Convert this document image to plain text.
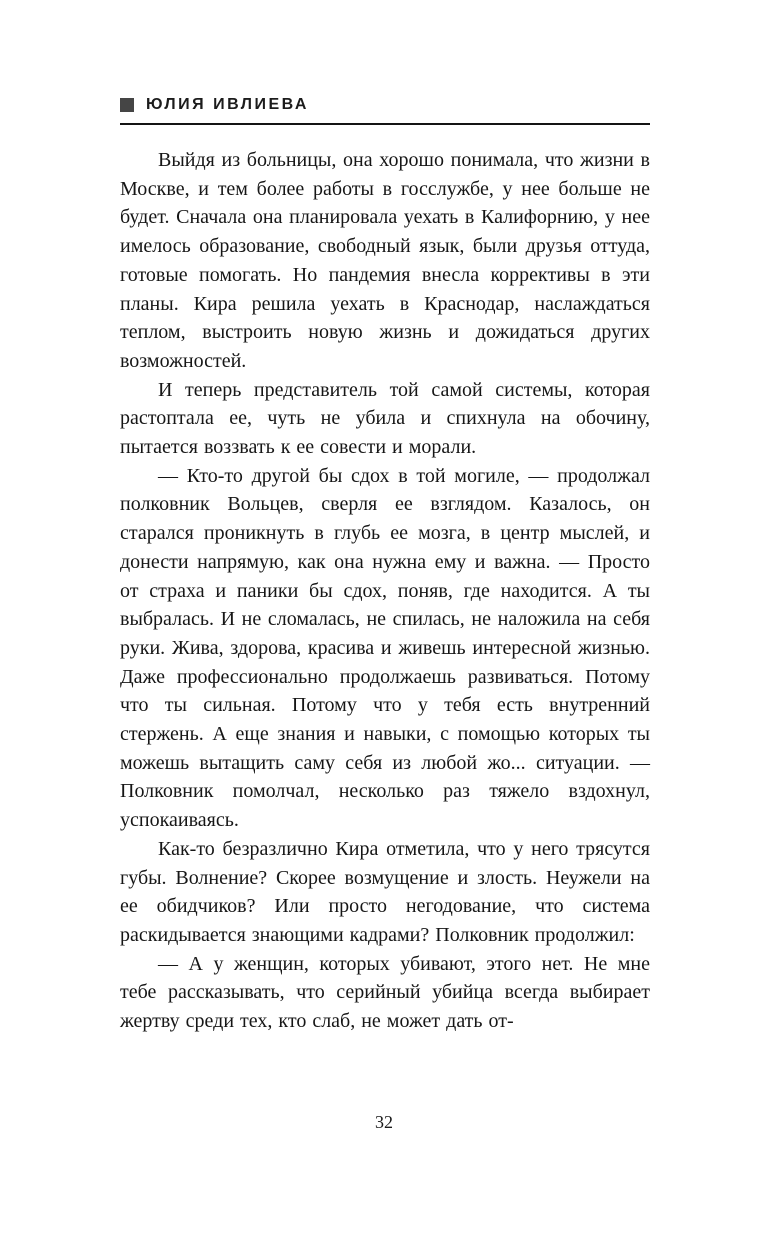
ЮЛИЯ ИВЛИЕВА

Выйдя из больницы, она хорошо понимала, что жизни в Москве, и тем более работы в госслужбе, у нее больше не будет. Сначала она планировала уехать в Калифорнию, у нее имелось образование, свободный язык, были друзья оттуда, готовые помогать. Но пандемия внесла коррективы в эти планы. Кира решила уехать в Краснодар, наслаждаться теплом, выстроить новую жизнь и дожидаться других возможностей.

И теперь представитель той самой системы, которая растоптала ее, чуть не убила и спихнула на обочину, пытается воззвать к ее совести и морали.

— Кто-то другой бы сдох в той могиле, — продолжал полковник Вольцев, сверля ее взглядом. Казалось, он старался проникнуть в глубь ее мозга, в центр мыслей, и донести напрямую, как она нужна ему и важна. — Просто от страха и паники бы сдох, поняв, где находится. А ты выбралась. И не сломалась, не спилась, не наложила на себя руки. Жива, здорова, красива и живешь интересной жизнью. Даже профессионально продолжаешь развиваться. Потому что ты сильная. Потому что у тебя есть внутренний стержень. А еще знания и навыки, с помощью которых ты можешь вытащить саму себя из любой жо... ситуации. — Полковник помолчал, несколько раз тяжело вздохнул, успокаиваясь.

Как-то безразлично Кира отметила, что у него трясутся губы. Волнение? Скорее возмущение и злость. Неужели на ее обидчиков? Или просто негодование, что система раскидывается знающими кадрами? Полковник продолжил:

— А у женщин, которых убивают, этого нет. Не мне тебе рассказывать, что серийный убийца всегда выбирает жертву среди тех, кто слаб, не может дать от-

32
